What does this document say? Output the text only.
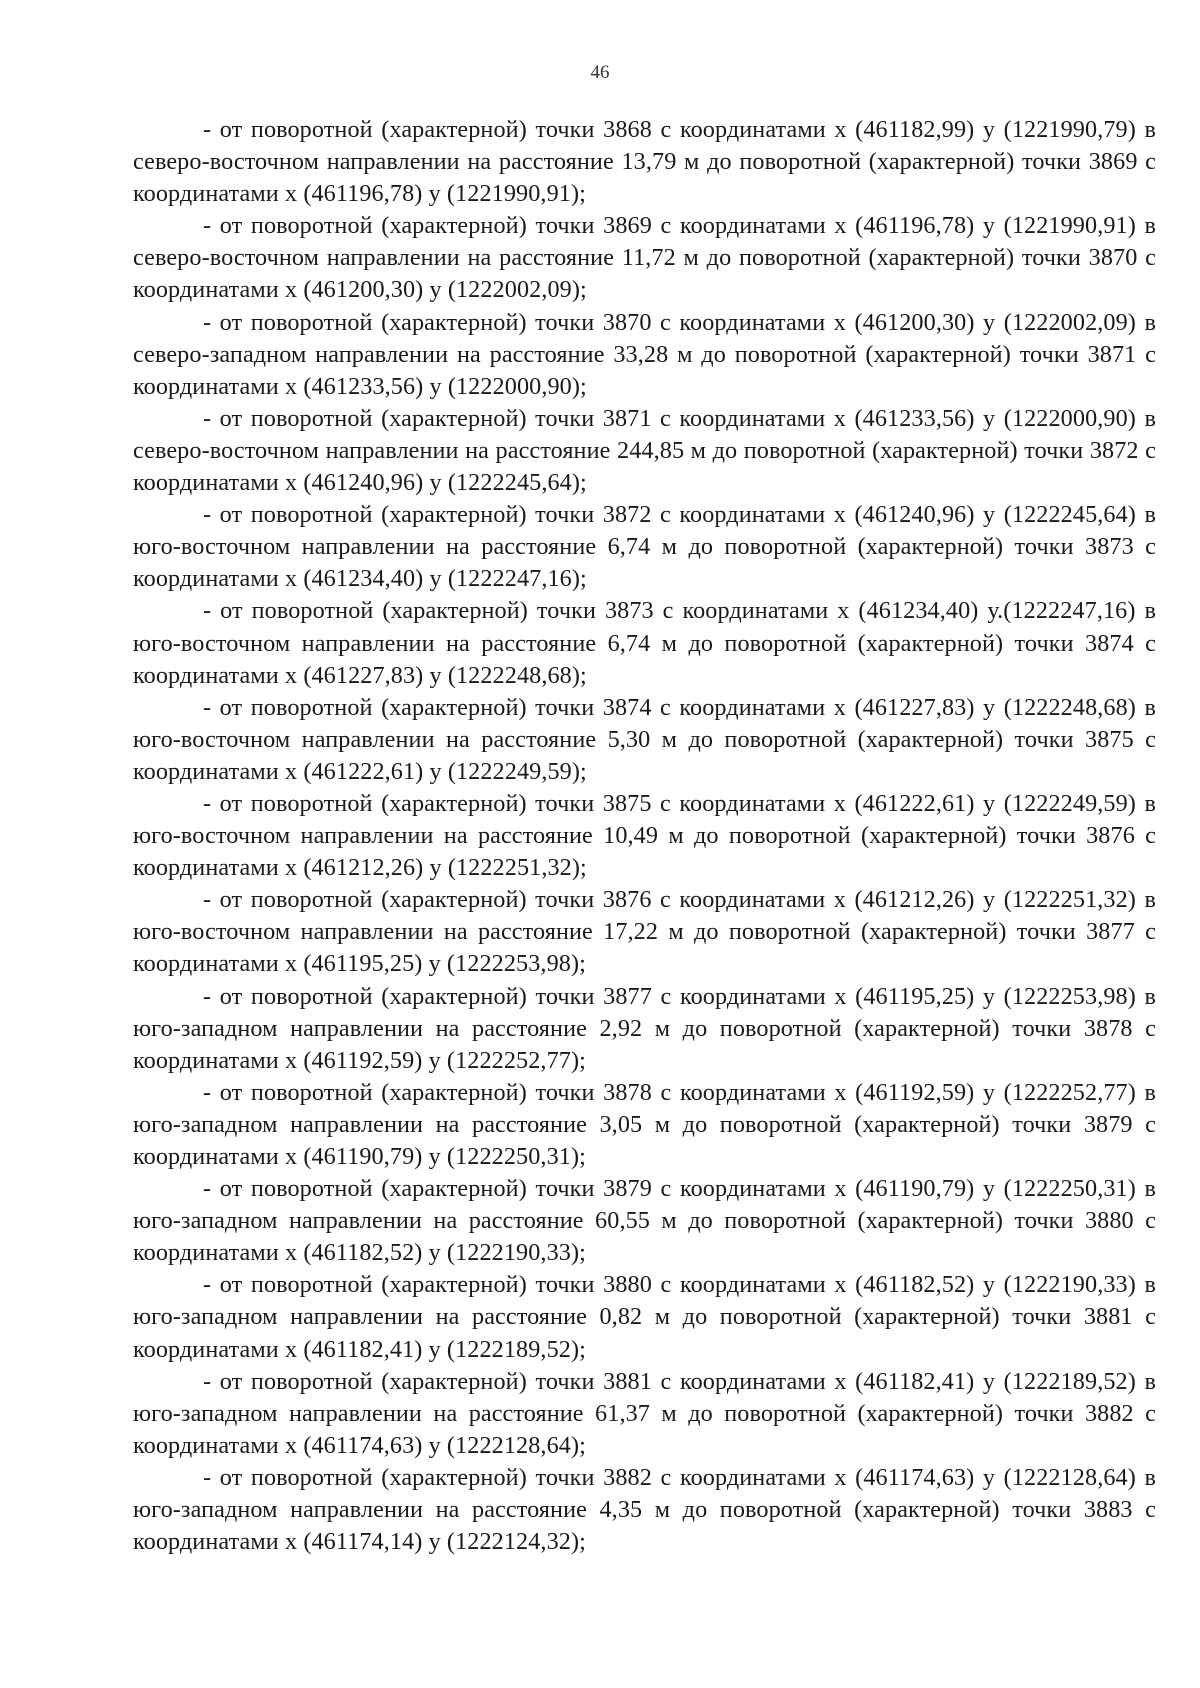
46

- от поворотной (характерной) точки 3868 с координатами х (461182,99) у (1221990,79) в северо-восточном направлении на расстояние 13,79 м до поворотной (характерной) точки 3869 с координатами х (461196,78) у (1221990,91);

- от поворотной (характерной) точки 3869 с координатами х (461196,78) у (1221990,91) в северо-восточном направлении на расстояние 11,72 м до поворотной (характерной) точки 3870 с координатами х (461200,30) у (1222002,09);

- от поворотной (характерной) точки 3870 с координатами х (461200,30) у (1222002,09) в северо-западном направлении на расстояние 33,28 м до поворотной (характерной) точки 3871 с координатами х (461233,56) у (1222000,90);

- от поворотной (характерной) точки 3871 с координатами х (461233,56) у (1222000,90) в северо-восточном направлении на расстояние 244,85 м до поворотной (характерной) точки 3872 с координатами х (461240,96) у (1222245,64);

- от поворотной (характерной) точки 3872 с координатами х (461240,96) у (1222245,64) в юго-восточном направлении на расстояние 6,74 м до поворотной (характерной) точки 3873 с координатами х (461234,40) у (1222247,16);

- от поворотной (характерной) точки 3873 с координатами х (461234,40) у.(1222247,16) в юго-восточном направлении на расстояние 6,74 м до поворотной (характерной) точки 3874 с координатами х (461227,83) у (1222248,68);

- от поворотной (характерной) точки 3874 с координатами х (461227,83) у (1222248,68) в юго-восточном направлении на расстояние 5,30 м до поворотной (характерной) точки 3875 с координатами х (461222,61) у (1222249,59);

- от поворотной (характерной) точки 3875 с координатами х (461222,61) у (1222249,59) в юго-восточном направлении на расстояние 10,49 м до поворотной (характерной) точки 3876 с координатами х (461212,26) у (1222251,32);

- от поворотной (характерной) точки 3876 с координатами х (461212,26) у (1222251,32) в юго-восточном направлении на расстояние 17,22 м до поворотной (характерной) точки 3877 с координатами х (461195,25) у (1222253,98);

- от поворотной (характерной) точки 3877 с координатами х (461195,25) у (1222253,98) в юго-западном направлении на расстояние 2,92 м до поворотной (характерной) точки 3878 с координатами х (461192,59) у (1222252,77);

- от поворотной (характерной) точки 3878 с координатами х (461192,59) у (1222252,77) в юго-западном направлении на расстояние 3,05 м до поворотной (характерной) точки 3879 с координатами х (461190,79) у (1222250,31);

- от поворотной (характерной) точки 3879 с координатами х (461190,79) у (1222250,31) в юго-западном направлении на расстояние 60,55 м до поворотной (характерной) точки 3880 с координатами х (461182,52) у (1222190,33);

- от поворотной (характерной) точки 3880 с координатами х (461182,52) у (1222190,33) в юго-западном направлении на расстояние 0,82 м до поворотной (характерной) точки 3881 с координатами х (461182,41) у (1222189,52);

- от поворотной (характерной) точки 3881 с координатами х (461182,41) у (1222189,52) в юго-западном направлении на расстояние 61,37 м до поворотной (характерной) точки 3882 с координатами х (461174,63) у (1222128,64);

- от поворотной (характерной) точки 3882 с координатами х (461174,63) у (1222128,64) в юго-западном направлении на расстояние 4,35 м до поворотной (характерной) точки 3883 с координатами х (461174,14) у (1222124,32);
